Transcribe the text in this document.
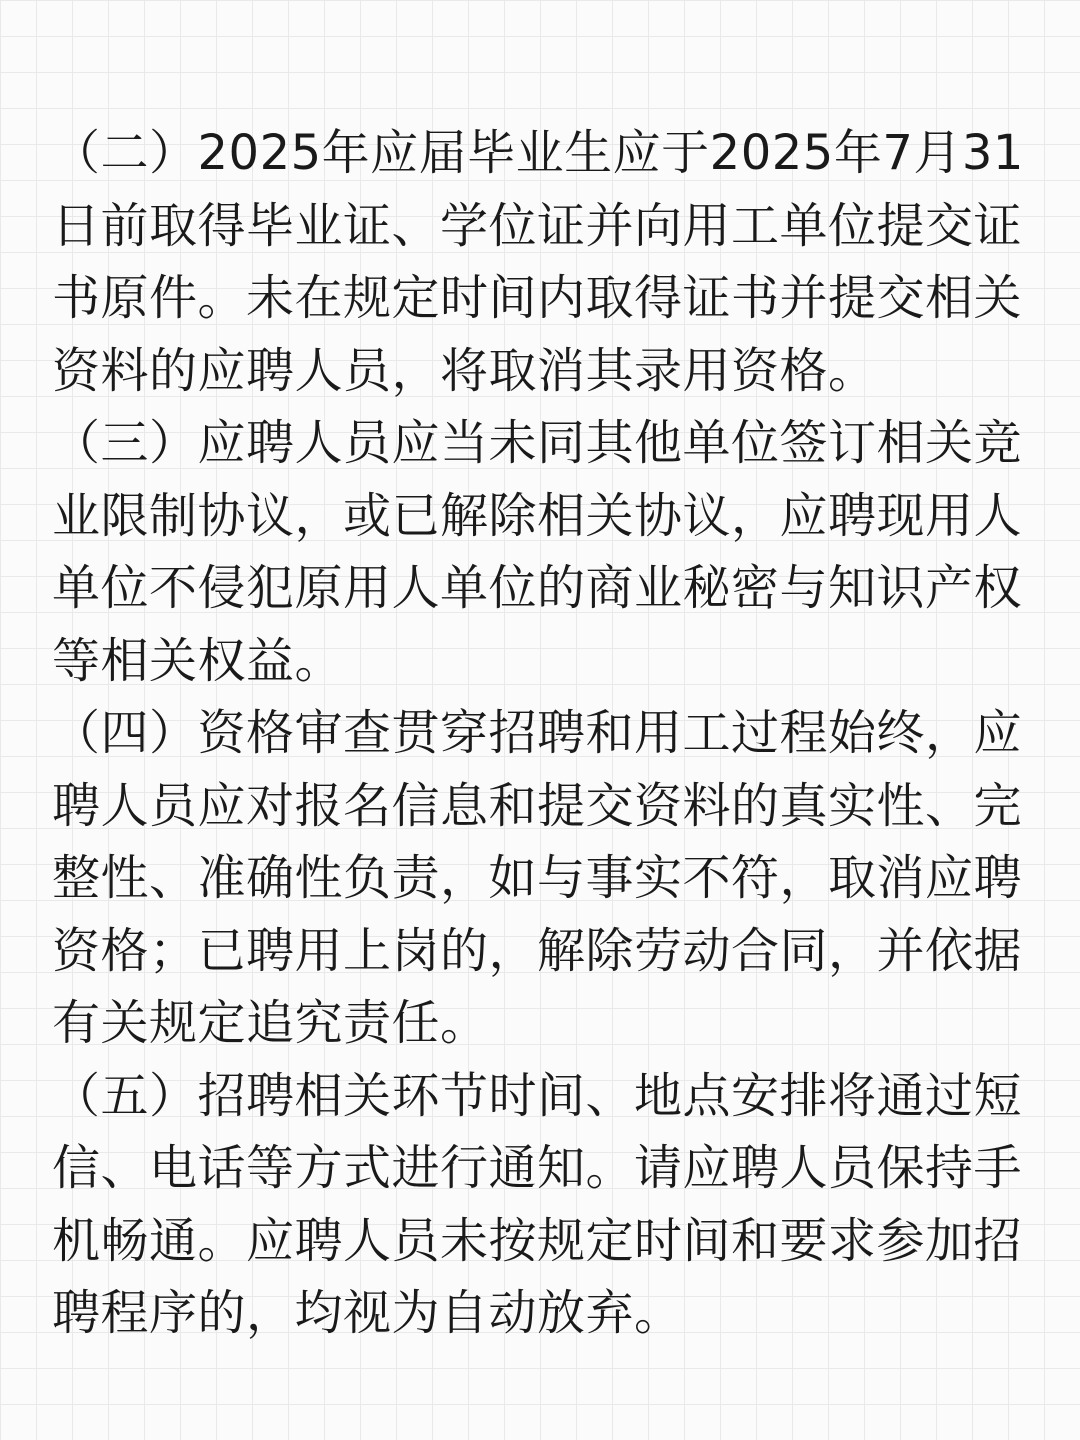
（二）2025年应届毕业生应于2025年7月31
日前取得毕业证、学位证并向用工单位提交证
书原件。未在规定时间内取得证书并提交相关
资料的应聘人员，将取消其录用资格。

（三）应聘人员应当未同其他单位签订相关竞
业限制协议，或已解除相关协议，应聘现用人
单位不侵犯原用人单位的商业秘密与知识产权
等相关权益。

（四）资格审查贯穿招聘和用工过程始终，应
聘人员应对报名信息和提交资料的真实性、完
整性、准确性负责，如与事实不符，取消应聘
资格；已聘用上岗的，解除劳动合同，并依据
有关规定追究责任。

（五）招聘相关环节时间、地点安排将通过短
信、电话等方式进行通知。请应聘人员保持手
机畅通。应聘人员未按规定时间和要求参加招
聘程序的，均视为自动放弃。
